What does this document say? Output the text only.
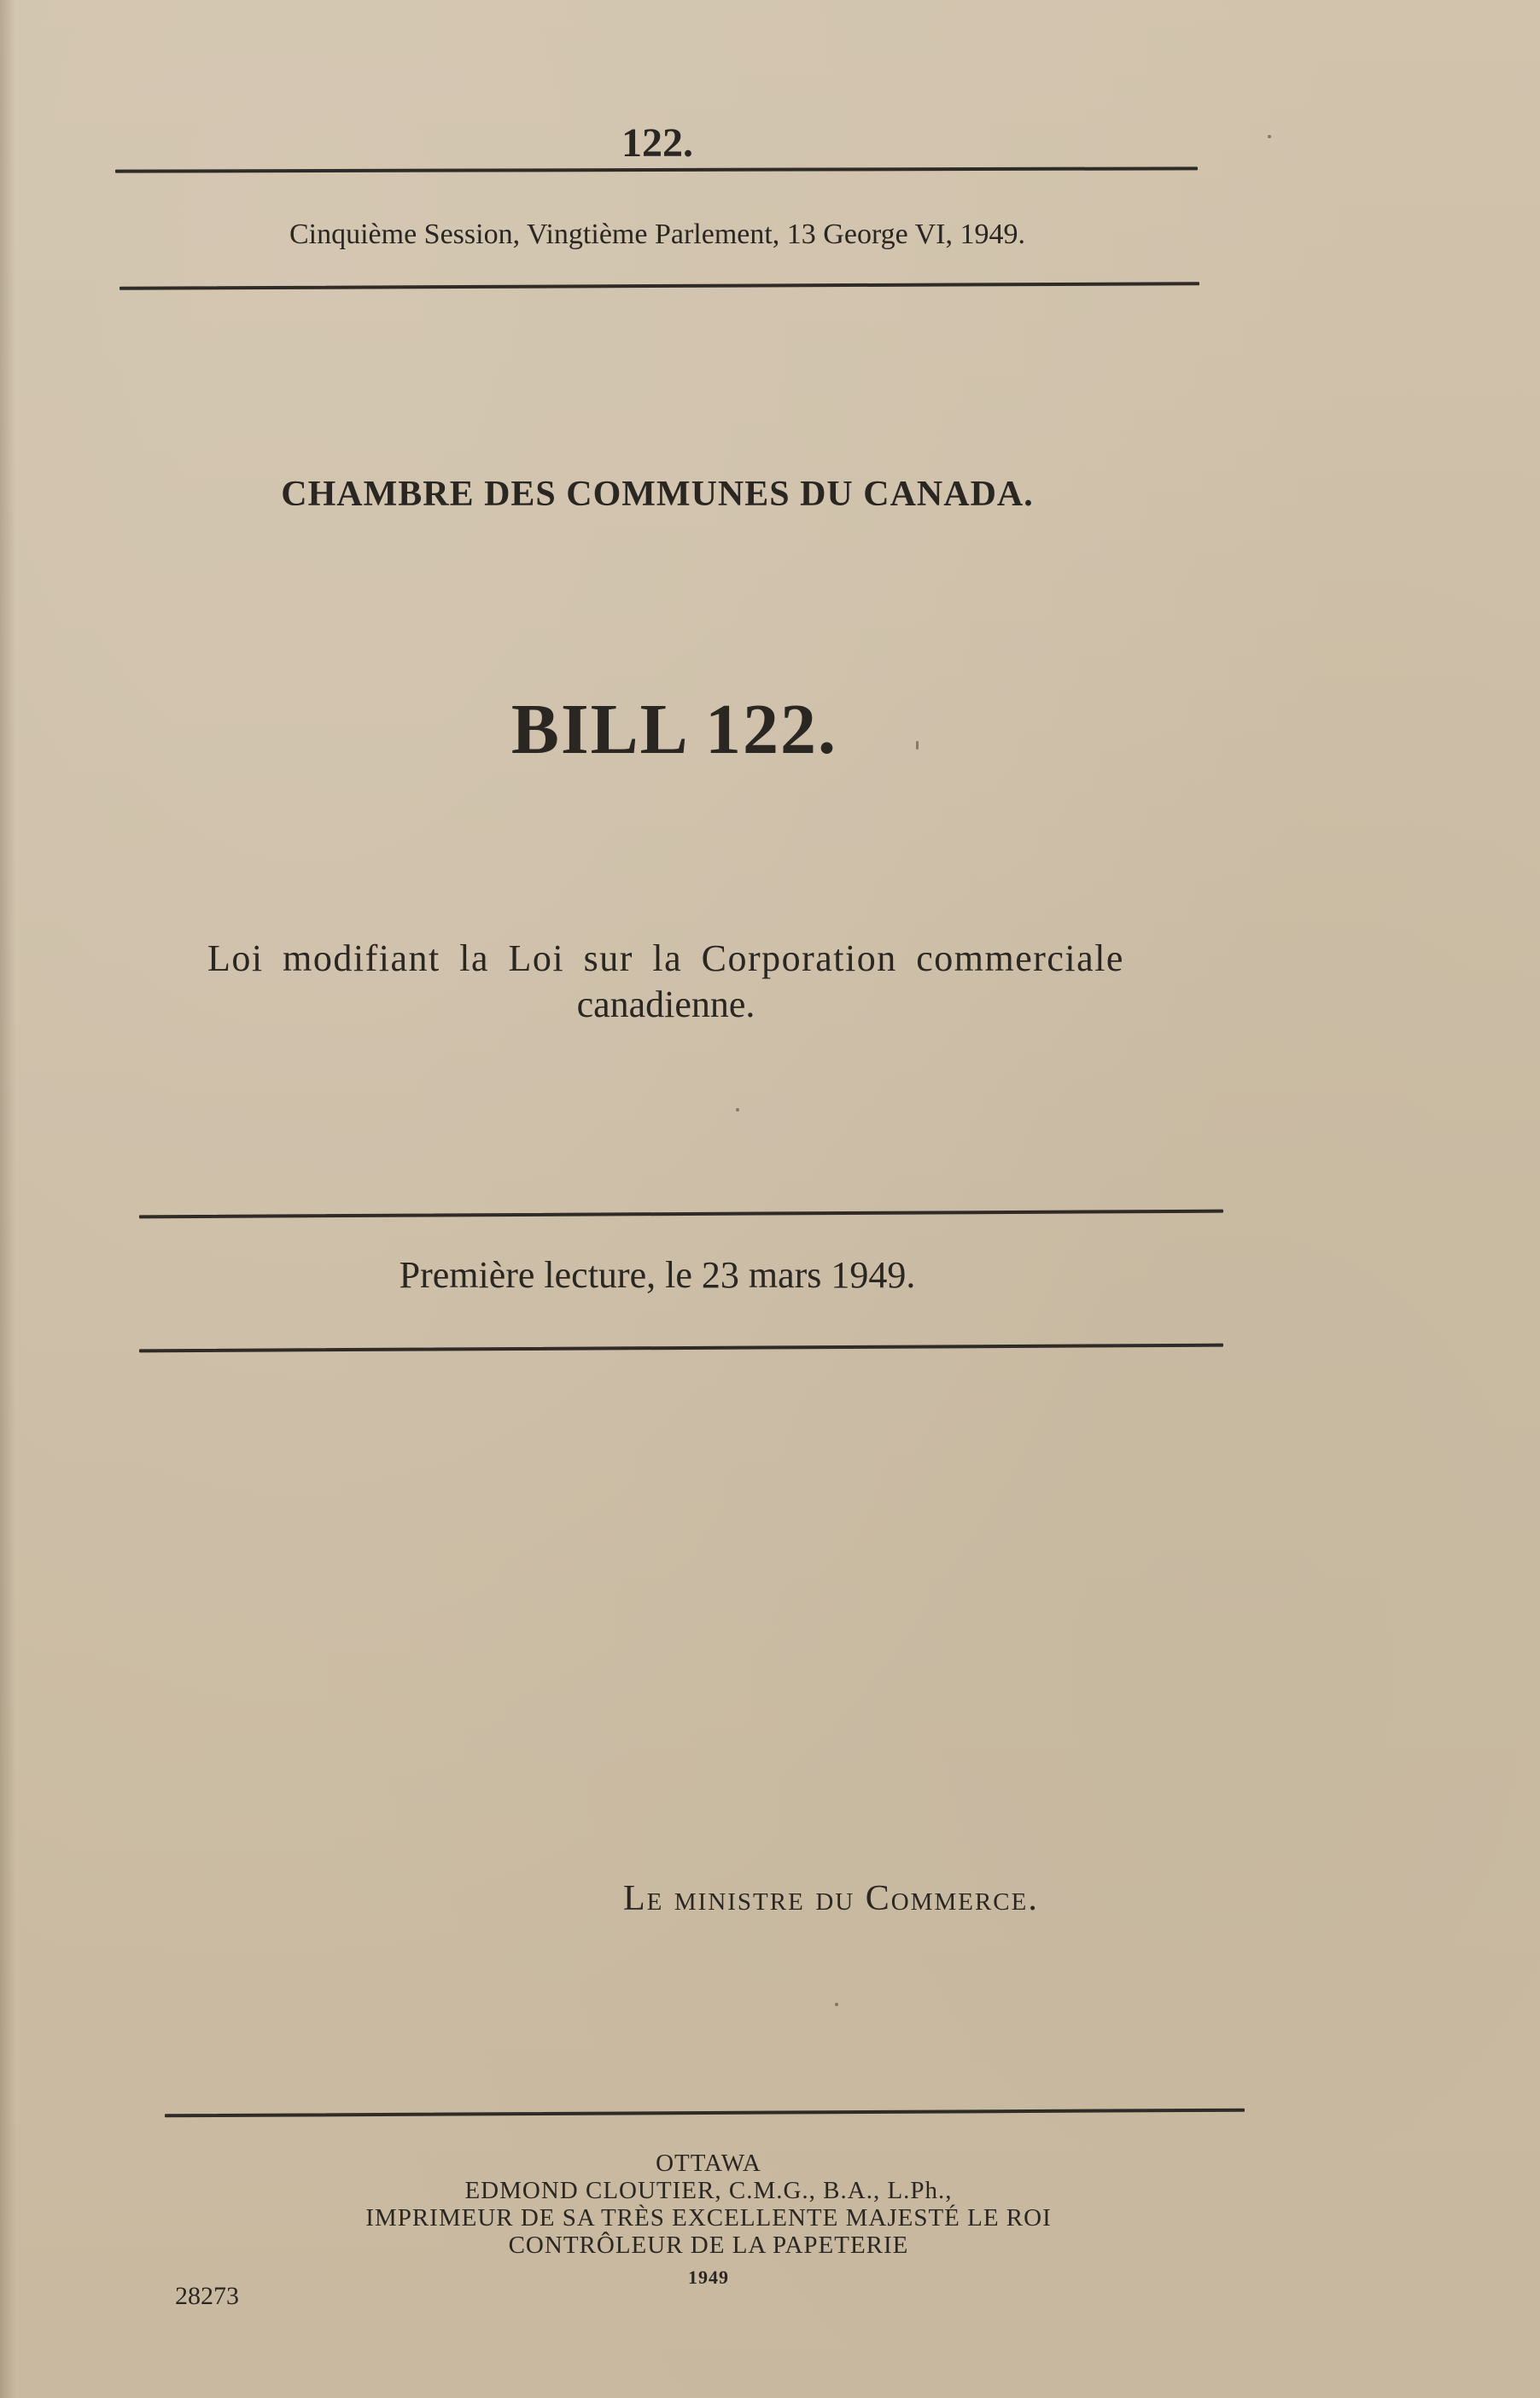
122.
Cinquième Session, Vingtième Parlement, 13 George VI, 1949.
CHAMBRE DES COMMUNES DU CANADA.
BILL 122.
Loi modifiant la Loi sur la Corporation commerciale
canadienne.
Première lecture, le 23 mars 1949.
Le ministre du Commerce.
OTTAWA
EDMOND CLOUTIER, C.M.G., B.A., L.Ph.,
IMPRIMEUR DE SA TRÈS EXCELLENTE MAJESTÉ LE ROI
CONTRÔLEUR DE LA PAPETERIE
1949
28273
